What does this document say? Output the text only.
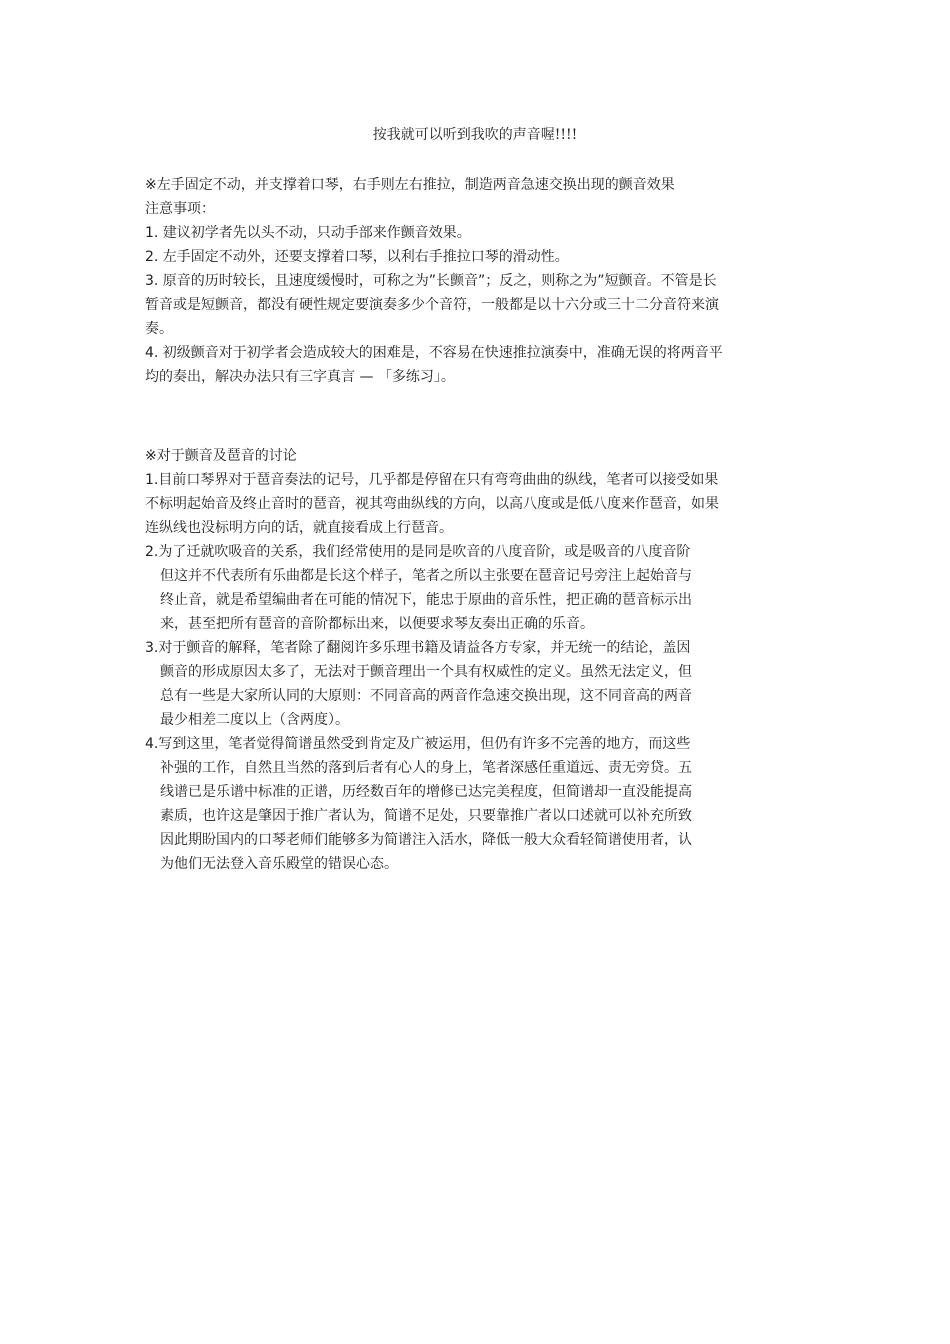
按我就可以听到我吹的声音喔!!!!
※左手固定不动，并支撑着口琴，右手则左右推拉，制造两音急速交换出现的颤音效果
注意事项：
1. 建议初学者先以头不动，只动手部来作颤音效果。
2. 左手固定不动外，还要支撑着口琴，以利右手推拉口琴的滑动性。
3. 原音的历时较长，且速度缓慢时，可称之为”长颤音”；反之，则称之为”短颤音。不管是长
暂音或是短颤音，都没有硬性规定要演奏多少个音符，一般都是以十六分或三十二分音符来演
奏。
4. 初级颤音对于初学者会造成较大的困难是，不容易在快速推拉演奏中，准确无误的将两音平
均的奏出，解决办法只有三字真言 — 「多练习」。
※对于颤音及琶音的讨论
1.目前口琴界对于琶音奏法的记号，几乎都是停留在只有弯弯曲曲的纵线，笔者可以接受如果
不标明起始音及终止音时的琶音，视其弯曲纵线的方向，以高八度或是低八度来作琶音，如果
连纵线也没标明方向的话，就直接看成上行琶音。
2.为了迁就吹吸音的关系，我们经常使用的是同是吹音的八度音阶，或是吸音的八度音阶
但这并不代表所有乐曲都是长这个样子，笔者之所以主张要在琶音记号旁注上起始音与
终止音，就是希望编曲者在可能的情况下，能忠于原曲的音乐性，把正确的琶音标示出
来，甚至把所有琶音的音阶都标出来，以便要求琴友奏出正确的乐音。
3.对于颤音的解释，笔者除了翻阅许多乐理书籍及请益各方专家，并无统一的结论，盖因
颤音的形成原因太多了，无法对于颤音理出一个具有权威性的定义。虽然无法定义，但
总有一些是大家所认同的大原则：不同音高的两音作急速交换出现，这不同音高的两音
最少相差二度以上（含两度）。
4.写到这里，笔者觉得简谱虽然受到肯定及广被运用，但仍有许多不完善的地方，而这些
补强的工作，自然且当然的落到后者有心人的身上，笔者深感任重道远、责无旁贷。五
线谱已是乐谱中标准的正谱，历经数百年的增修已达完美程度，但简谱却一直没能提高
素质，也许这是肇因于推广者认为，简谱不足处，只要靠推广者以口述就可以补充所致
因此期盼国内的口琴老师们能够多为简谱注入活水，降低一般大众看轻简谱使用者，认
为他们无法登入音乐殿堂的错误心态。
